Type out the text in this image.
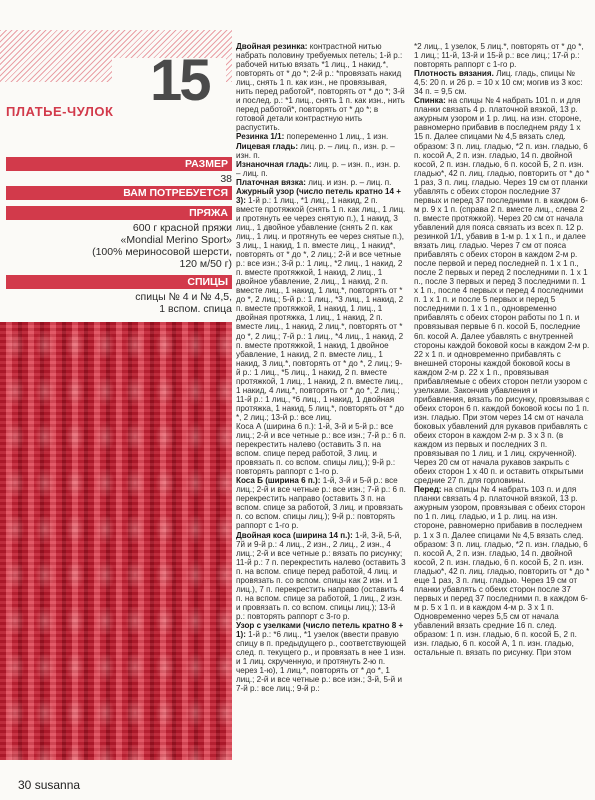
15
ПЛАТЬЕ-ЧУЛОК
РАЗМЕР
38
ВАМ ПОТРЕБУЕТСЯ
ПРЯЖА
600 г красной пряжи
«Mondial Merino Sport»
(100% мериносовой шерсти,
120 м/50 г)
СПИЦЫ
спицы № 4 и № 4,5,
1 вспом. спица
30 susanna

Двойная резинка: контрастной нитью набрать половину требуемых петель; 1-й р.: рабочей нитью вязать *1 лиц., 1 накид.*, повторять от * до *; 2-й р.: *провязать накид лиц., снять 1 п. как изн., не провязывая, нить перед работой*, повторять от * до *; 3-й и послед. р.: *1 лиц., снять 1 п. как изн., нить перед работой*, повторять от * до *; в готовой детали контрастную нить распустить.

Резинка 1/1: попеременно 1 лиц., 1 изн.

Лицевая гладь: лиц. р. – лиц. п., изн. р. – изн. п.

Изнаночная гладь: лиц. р. – изн. п., изн. р. – лиц. п.

Платочная вязка: лиц. и изн. р. – лиц. п.

Ажурный узор (число петель кратно 14 + 3): 1-й р.: 1 лиц., *1 лиц., 1 накид, 2 п. вместе протяжкой (снять 1 п. как лиц., 1 лиц. и протянуть ее через снятую п.), 1 накид, 3 лиц., 1 двойное убавление (снять 2 п. как лиц., 1 лиц. и протянуть ее через снятые п.), 3 лиц., 1 накид, 1 п. вместе лиц., 1 накид*, повторять от * до *, 2 лиц.; 2-й и все четные р.: все изн.; 3-й р.: 1 лиц., *2 лиц., 1 накид, 2 п. вместе протяжкой, 1 накид, 2 лиц., 1 двойное убавление, 2 лиц., 1 накид, 2 п. вместе лиц., 1 накид, 1 лиц.*, повторять от * до *, 2 лиц.; 5-й р.: 1 лиц., *3 лиц., 1 накид, 2 п. вместе протяжкой, 1 накид, 1 лиц., 1 двойная протяжка, 1 лиц., 1 накид, 2 п. вместе лиц., 1 накид, 2 лиц.*, повторять от * до *, 2 лиц.; 7-й р.: 1 лиц., *4 лиц., 1 накид, 2 п. вместе протяжкой, 1 накид, 1 двойное убавление, 1 накид, 2 п. вместе лиц., 1 накид, 3 лиц.*, повторять от * до *, 2 лиц.; 9-й р.: 1 лиц., *5 лиц., 1 накид, 2 п. вместе протяжкой, 1 лиц., 1 накид, 2 п. вместе лиц., 1 накид, 4 лиц.*, повторять от * до *, 2 лиц.; 11-й р.: 1 лиц., *6 лиц., 1 накид, 1 двойная протяжка, 1 накид, 5 лиц.*, повторять от * до *, 2 лиц.; 13-й р.: все лиц.

Коса А (ширина 6 п.): 1-й, 3-й и 5-й р.: все лиц.; 2-й и все четные р.: все изн.; 7-й р.: 6 п. перекрестить налево (оставить 3 п. на вспом. спице перед работой, 3 лиц. и провязать п. со вспом. спицы лиц.); 9-й р.: повторять раппорт с 1-го р.

Коса Б (ширина 6 п.): 1-й, 3-й и 5-й р.: все лиц.; 2-й и все четные р.: все изн.; 7-й р.: 6 п. перекрестить направо (оставить 3 п. на вспом. спице за работой, 3 лиц. и провязать п. со вспом. спицы лиц.); 9-й р.: повторять раппорт с 1-го р.

Двойная коса (ширина 14 п.): 1-й, 3-й, 5-й, 7й и 9-й р.: 4 лиц., 2 изн., 2 лиц., 2 изн., 4 лиц.; 2-й и все четные р.: вязать по рисунку; 11-й р.: 7 п. перекрестить налево (оставить 3 п. на вспом. спице перед работой, 4 лиц. и провязать п. со вспом. спицы как 2 изн. и 1 лиц.), 7 п. перекрестить направо (оставить 4 п. на вспом. спице за работой, 1 лиц., 2 изн. и провязать п. со вспом. спицы лиц.); 13-й р.: повторять раппорт с 3-го р.

Узор с узелками (число петель кратно 8 + 1): 1-й р.: *6 лиц., *1 узелок (ввести правую спицу в п. предыдущего р., соответствующей след. п. текущего р., и провязать в нее 1 изн. и 1 лиц. скрученную, и протянуть 2-ю п. через 1-ю), 1 лиц.*, повторять от * до *, 1 лиц.; 2-й и все четные р.: все изн.; 3-й, 5-й и 7-й р.: все лиц.; 9-й р.:

*2 лиц., 1 узелок, 5 лиц.*, повторять от * до *, 1 лиц.; 11-й, 13-й и 15-й р.: все лиц.; 17-й р.: повторять раппорт с 1-го р.

Плотность вязания. Лиц. гладь, спицы № 4,5: 20 п. и 26 р. = 10 х 10 см; могив из 3 кос: 34 п. = 9,5 см.

Спинка: на спицы № 4 набрать 101 п. и для планки связать 4 р. платочной вязкой, 13 р. ажурным узором и 1 р. лиц. на изн. стороне, равномерно прибавив в последнем ряду 1 х 15 п. Далее спицами № 4,5 вязать след. образом: 3 п. лиц. гладью, *2 п. изн. гладью, 6 п. косой А, 2 п. изн. гладью, 14 п. двойной косой, 2 п. изн. гладью, 6 п. косой Б, 2 п. изн. гладью*, 42 п. лиц. гладью, повторить от * до * 1 раз, 3 п. лиц. гладью. Через 19 см от планки убавлять с обеих сторон последние 37 первых и перед 37 последними п. в каждом 6-м р. 9 х 1 п. (справа 2 п. вместе лиц., слева 2 п. вместе протяжкой). Через 20 см от начала убавлений для пояса связать из всех п. 12 р. резинкой 1/1, убавив в 1-м р. 1 х 1 п., и далее вязать лиц. гладью. Через 7 см от пояса прибавлять с обеих сторон в каждом 2-м р. после первой и перед последней п. 1 х 1 п., после 2 первых и перед 2 последними п. 1 х 1 п., после 3 первых и перед 3 последними п. 1 х 1 п., после 4 первых и перед 4 последними п. 1 х 1 п. и после 5 первых и перед 5 последними п. 1 х 1 п., одновременно прибавлять с обеих сторон работы по 1 п. и провязывая первые 6 п. косой Б, последние 6п. косой А. Далее убавлять с внутренней стороны каждой боковой косы в каждом 2-м р. 22 х 1 п. и одновременно прибавлять с внешней стороны каждой боковой косы в каждом 2-м р. 22 х 1 п., провязывая прибавляемые с обеих сторон петли узором с узелками. Закончив убавления и прибавления, вязать по рисунку, провязывая с обеих сторон 6 п. каждой боковой косы по 1 п. изн. гладью. При этом через 14 см от начала боковых убавлений для рукавов прибавлять с обеих сторон в каждом 2-м р. 3 х 3 п. (в каждом из первых и последних 3 п. провязывая по 1 лиц. и 1 лиц. скрученной). Через 20 см от начала рукавов закрыть с обеих сторон 1 х 40 п. и оставить открытыми средние 27 п. для горловины.

Перед: на спицы № 4 набрать 103 п. и для планки связать 4 р. платочной вязкой, 13 р. ажурным узором, провязывая с обеих сторон по 1 п. лиц. гладью, и 1 р. лиц. на изн. стороне, равномерно прибавив в последнем р. 1 х 3 п. Далее спицами № 4,5 вязать след. образом: 3 п. лиц. гладью, *2 п. изн. гладью, 6 п. косой А, 2 п. изн. гладью, 14 п. двойной косой, 2 п. изн. гладью, 6 п. косой Б, 2 п. изн. гладью*, 42 п. лиц. гладью, повторить от * до * еще 1 раз, 3 п. лиц. гладью. Через 19 см от планки убавлять с обеих сторон после 37 первых и перед 37 последними п. в каждом 6-м р. 5 х 1 п. и в каждом 4-м р. 3 х 1 п. Одновременно через 5,5 см от начала убавлений вязать средние 16 п. след. образом: 1 п. изн. гладью, 6 п. косой Б, 2 п. изн. гладью, 6 п. косой А, 1 п. изн. гладью, остальные п. вязать по рисунку. При этом
